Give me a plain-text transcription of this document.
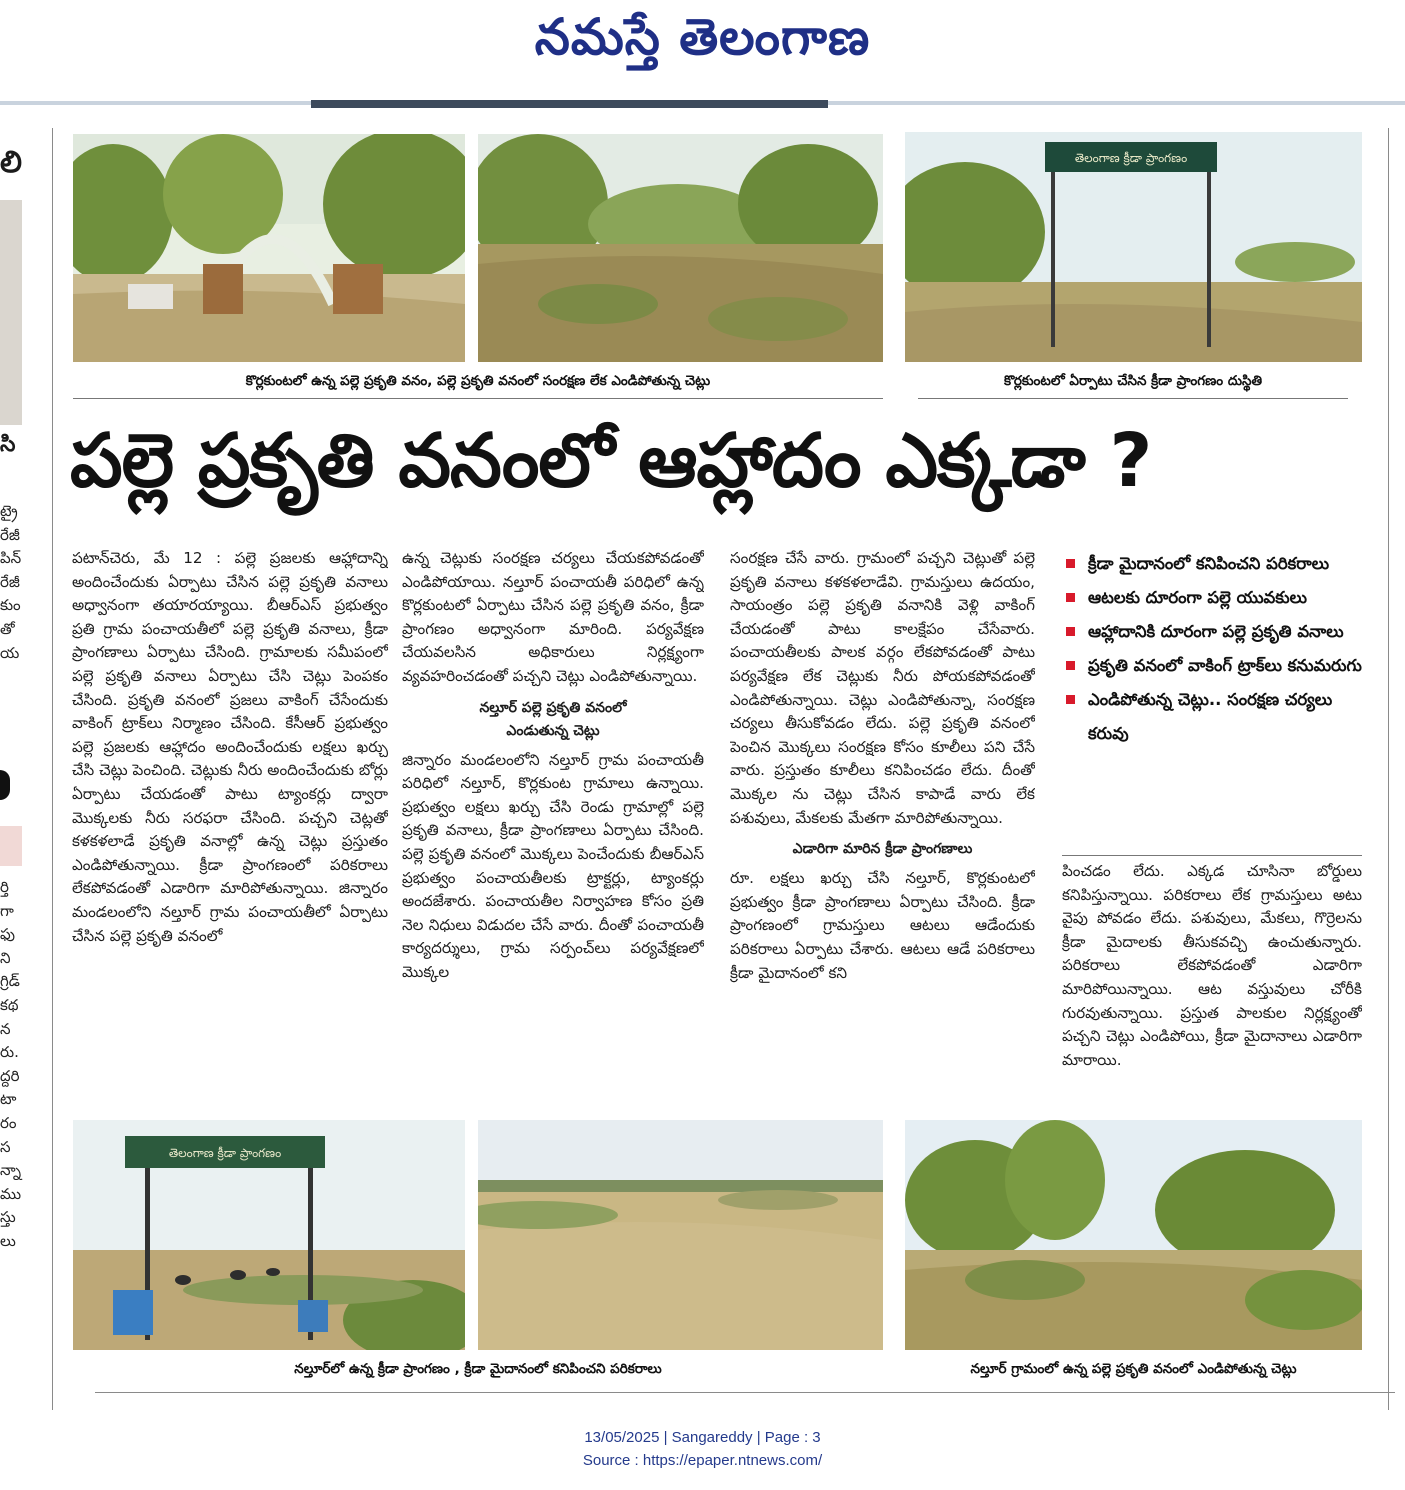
నమస్తే తెలంగాణ
లి
సి
ట్రై
రేజీ
పిన్
రేజీ
కుం
తో
య
ర్తి
గా
ఫు
ని
గ్రిడ్
కథ
న
రు.
ద్దరి
టా
రం
స
న్నా
ము
స్తు
లు
తెలంగాణ క్రీడా ప్రాంగణం
కొర్లకుంటలో ఉన్న పల్లె ప్రకృతి వనం, పల్లె ప్రకృతి వనంలో సంరక్షణ లేక ఎండిపోతున్న చెట్లు	కొర్లకుంటలో ఏర్పాటు చేసిన క్రీడా ప్రాంగణం దుస్థితి
పల్లె ప్రకృతి వనంలో ఆహ్లాదం ఎక్కడా ?

పటాన్‌చెరు, మే 12 : పల్లె ప్రజలకు ఆహ్లాదాన్ని అందించేందుకు ఏర్పాటు చేసిన పల్లె ప్రకృతి వనాలు అధ్వానంగా తయారయ్యాయి. బీఆర్‌ఎస్ ప్రభుత్వం ప్రతి గ్రామ పంచాయతీలో పల్లె ప్రకృతి వనాలు, క్రీడా ప్రాంగణాలు ఏర్పాటు చేసింది. గ్రామాలకు సమీపంలో పల్లె ప్రకృతి వనాలు ఏర్పాటు చేసి చెట్లు పెంపకం చేసింది. ప్రకృతి వనంలో ప్రజలు వాకింగ్ చేసేందుకు వాకింగ్ ట్రాక్‌లు నిర్మాణం చేసింది. కేసీఆర్ ప్రభుత్వం పల్లె ప్రజలకు ఆహ్లాదం అందించేందుకు లక్షలు ఖర్చు చేసి చెట్లు పెంచింది. చెట్లుకు నీరు అందించేందుకు బోర్లు ఏర్పాటు చేయడంతో పాటు ట్యాంకర్లు ద్వారా మొక్కలకు నీరు సరఫరా చేసింది. పచ్చని చెట్లతో కళకళలాడే ప్రకృతి వనాల్లో ఉన్న చెట్లు ప్రస్తుతం ఎండిపోతున్నాయి. క్రీడా ప్రాంగణంలో పరికరాలు లేకపోవడంతో ఎడారిగా మారిపోతున్నాయి. జిన్నారం మండలంలోని నల్తూర్ గ్రామ పంచాయతీలో ఏర్పాటు చేసిన పల్లె ప్రకృతి వనంలో

ఉన్న చెట్లుకు సంరక్షణ చర్యలు చేయకపోవడంతో ఎండిపోయాయి. నల్తూర్ పంచాయతీ పరిధిలో ఉన్న కొర్లకుంటలో ఏర్పాటు చేసిన పల్లె ప్రకృతి వనం, క్రీడా ప్రాంగణం అధ్వానంగా మారింది. పర్యవేక్షణ చేయవలసిన అధికారులు నిర్లక్ష్యంగా వ్యవహరించడంతో పచ్చని చెట్లు ఎండిపోతున్నాయి.

నల్తూర్ పల్లె ప్రకృతి వనంలో
ఎండుతున్న చెట్లు

జిన్నారం మండలంలోని నల్తూర్ గ్రామ పంచాయతీ పరిధిలో నల్తూర్, కొర్లకుంట గ్రామాలు ఉన్నాయి. ప్రభుత్వం లక్షలు ఖర్చు చేసి రెండు గ్రామాల్లో పల్లె ప్రకృతి వనాలు, క్రీడా ప్రాంగణాలు ఏర్పాటు చేసింది. పల్లె ప్రకృతి వనంలో మొక్కలు పెంచేందుకు బీఆర్‌ఎస్ ప్రభుత్వం పంచాయతీలకు ట్రాక్టర్లు, ట్యాంకర్లు అందజేశారు. పంచాయతీల నిర్వాహణ కోసం ప్రతి నెల నిధులు విడుదల చేసే వారు. దీంతో పంచాయతీ కార్యదర్శులు, గ్రామ సర్పంచ్‌లు పర్యవేక్షణలో మొక్కల

సంరక్షణ చేసే వారు. గ్రామంలో పచ్చని చెట్లుతో పల్లె ప్రకృతి వనాలు కళకళలాడేవి. గ్రామస్తులు ఉదయం, సాయంత్రం పల్లె ప్రకృతి వనానికి వెళ్లి వాకింగ్ చేయడంతో పాటు కాలక్షేపం చేసేవారు. పంచాయతీలకు పాలక వర్గం లేకపోవడంతో పాటు పర్యవేక్షణ లేక చెట్లుకు నీరు పోయకపోవడంతో ఎండిపోతున్నాయి. చెట్లు ఎండిపోతున్నా, సంరక్షణ చర్యలు తీసుకోవడం లేదు. పల్లె ప్రకృతి వనంలో పెంచిన మొక్కలు సంరక్షణ కోసం కూలీలు పని చేసే వారు. ప్రస్తుతం కూలీలు కనిపించడం లేదు. దీంతో మొక్కల ను చెట్లు చేసిన కాపాడే వారు లేక పశువులు, మేకలకు మేతగా మారిపోతున్నాయి.

ఎడారిగా మారిన క్రీడా ప్రాంగణాలు

రూ. లక్షలు ఖర్చు చేసి నల్తూర్, కొర్లకుంటలో ప్రభుత్వం క్రీడా ప్రాంగణాలు ఏర్పాటు చేసింది. క్రీడా ప్రాంగణంలో గ్రామస్తులు ఆటలు ఆడేందుకు పరికరాలు ఏర్పాటు చేశారు. ఆటలు ఆడే పరికరాలు క్రీడా మైదానంలో కని

క్రీడా మైదానంలో కనిపించని పరికరాలు
ఆటలకు దూరంగా పల్లె యువకులు
ఆహ్లాదానికి దూరంగా పల్లె ప్రకృతి వనాలు
ప్రకృతి వనంలో వాకింగ్ ట్రాక్‌లు కనుమరుగు
ఎండిపోతున్న చెట్లు.. సంరక్షణ చర్యలు కరువు

పించడం లేదు. ఎక్కడ చూసినా బోర్డులు కనిపిస్తున్నాయి. పరికరాలు లేక గ్రామస్తులు అటు వైపు పోవడం లేదు. పశువులు, మేకలు, గొర్రెలను క్రీడా మైదాలకు తీసుకవచ్చి ఉంచుతున్నారు. పరికరాలు లేకపోవడంతో ఎడారిగా మారిపోయిన్నాయి. ఆట వస్తువులు చోరీకి గురవుతున్నాయి. ప్రస్తుత పాలకుల నిర్లక్ష్యంతో పచ్చని చెట్లు ఎండిపోయి, క్రీడా మైదానాలు ఎడారిగా మారాయి.

తెలంగాణ క్రీడా ప్రాంగణం
నల్తూర్‌లో ఉన్న క్రీడా ప్రాంగణం , క్రీడా మైదానంలో కనిపించని పరికరాలు	నల్తూర్ గ్రామంలో ఉన్న పల్లె ప్రకృతి వనంలో ఎండిపోతున్న చెట్లు
13/05/2025 | Sangareddy | Page : 3
Source : https://epaper.ntnews.com/
